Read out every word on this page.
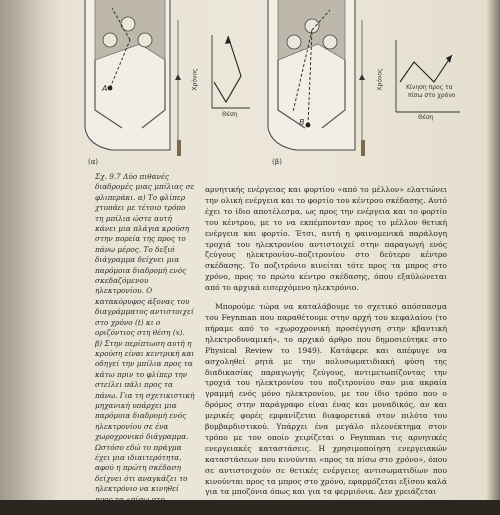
(α)	(β)
A
B
Χρόνος
Θέση
Χρόνος
Θέση
Κίνηση προς τα
πίσω στο χρόνο

Σχ. 9.7 Δύο πιθανές διαδρομές μιας μπίλιας σε φλιπεράκι. α) Το φλίπερ χτυπάει με τέτοιο τρόπο τη μπίλια ώστε αυτή κάνει μια πλάγια κρούση στην πορεία της προς το πάνω μέρος. Το δεξιό διάγραμμα δείχνει μια παρόμοια διαδρομή ενός σκεδαζόμενου ηλεκτρονίου. Ο κατακόρυφος άξονας του διαγράμματος αντιστοιχεί στο χρόνο (t) κι ο οριζόντιος στη θέση (x).

β) Στην περίπτωση αυτή η κρούση είναι κεντρική και οδηγεί την μπίλια προς τα κάτω πριν το φλίπερ την στείλει πάλι προς τα πάνω. Για τη σχετικιστική μηχανική υπάρχει μια παρόμοια διαδρομή ενός ηλεκτρονίου σε ένα χωροχρονικό διάγραμμα. Ωστόσο εδώ το πράγμα έχει μια ιδιαιτερότητα, αφού η πρώτη σκέδαση δείχνει ότι αναγκάζει το ηλεκτρόνιο να κινηθεί προς τα «πίσω στο χρόνο».

αρνητικής ενέργειας και φορτίου «από το μέλλον» ελαττώνει την ολική ενέργεια και το φορτίο του κέντρου σκέδασης. Αυτό έχει το ίδιο αποτέλεσμα, ως προς την ενέργεια και το φορτίο του κέντρου, με το να εκπέμπονταν προς το μέλλον θετική ενέργεια και φορτίο. Έτσι, αυτή η φαινομενικά παράλογη τροχιά του ηλεκτρονίου αντιστοιχεί στην παραγωγή ενός ζεύγους ηλεκτρονίου–ποζιτρονίου στο δεύτερο κέντρο σκέδασης. Το ποζιτρόνιο κινείται τότε προς τα μπρος στο χρόνο, προς το πρώτο κέντρο σκέδασης, όπου εξαϋλώνεται από το αρχικά εισερχόμενο ηλεκτρόνιο.

Μπορούμε τώρα να καταλάβουμε το σχετικό απόσπασμα του Feynman που παραθέτουμε στην αρχή του κεφαλαίου (το πήραμε από το «χωροχρονική προσέγγιση στην κβαντική ηλεκτροδυναμική», το αρχικό άρθρο που δημοσιεύτηκε στο Physical Review το 1949). Κατάφερε και απέφυγε να ασχοληθεί ρητά με την πολυσωματιδιακή φύση της διαδικασίας παραγωγής ζεύγους, αντιμετωπίζοντας την τροχιά του ηλεκτρονίου του ποζιτρονίου σαν μια ακραία γραμμή ενός μόνο ηλεκτρονίου, με τον ίδιο τρόπο που ο δρόμος στην παράγραφο είναι ένας και μοναδικός, αν και μερικές φορές εμφανίζεται διαφορετικά στον πιλότο του βομβαρδιστικού. Υπάρχει ένα μεγάλο πλεονέκτημα στον τρόπο με τον οποίο χειρίζεται ο Feynman τις αρνητικές ενεργειακές καταστάσεις. Η χρησιμοποίηση ενεργειακών καταστάσεων που κινούνται «προς τα πίσω στο χρόνο», όπου σε αντιστοιχούν σε θετικές ενέργειες αντισωματιδίων που κινούνται προς τα μπρος στο χρόνο, εφαρμόζεται εξίσου καλά για τα μποζόνια όπως και για τα φερμιόνια. Δεν χρειάζεται
